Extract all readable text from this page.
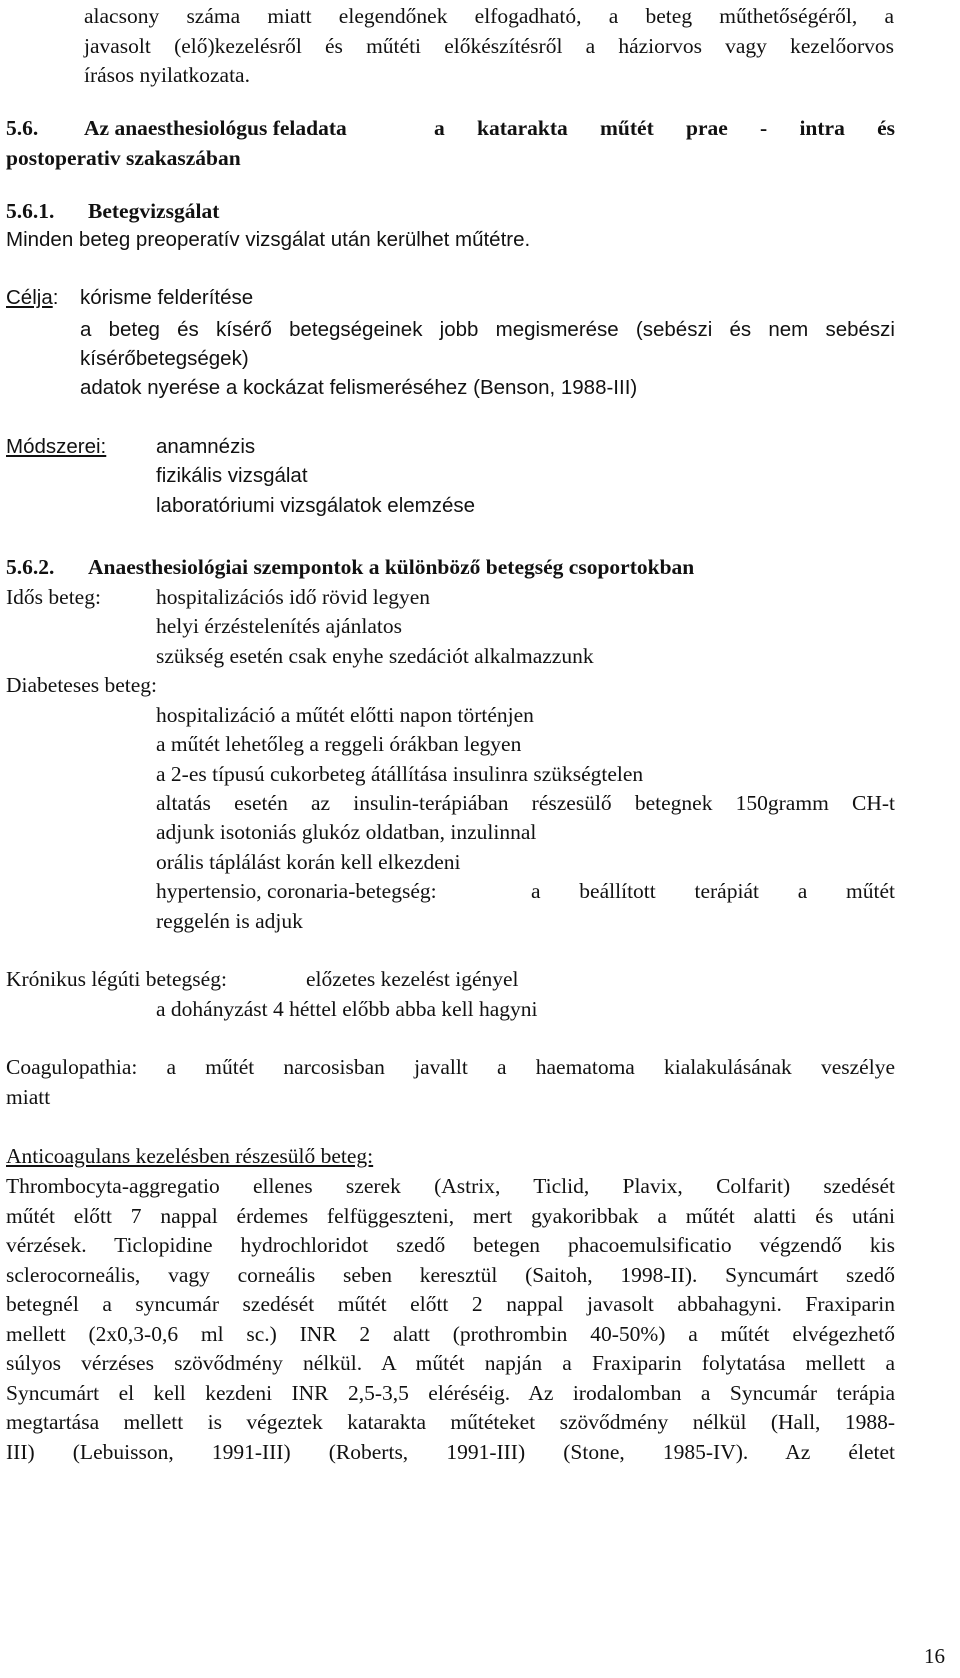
alacsony száma miatt elegendőnek elfogadható, a beteg műthetőségéről, a
javasolt (elő)kezelésről és műtéti előkészítésről a háziorvos vagy kezelőorvos
írásos nyilatkozata.
5.6. Az anaesthesiológus feladata	a katarakta műtét prae - intra és
postoperativ szakaszában
5.6.1. Betegvizsgálat
Minden beteg preoperatív vizsgálat után kerülhet műtétre.
Célja: kórisme felderítése
a beteg és kísérő betegségeinek jobb megismerése (sebészi és nem sebészi
kísérőbetegségek)
adatok nyerése a kockázat felismeréséhez (Benson, 1988-III)
Módszerei: anamnézis
fizikális vizsgálat
laboratóriumi vizsgálatok elemzése
5.6.2. Anaesthesiológiai szempontok a különböző betegség csoportokban
Idős beteg:	hospitalizációs idő rövid legyen
helyi érzéstelenítés ajánlatos
szükség esetén csak enyhe szedációt alkalmazzunk
Diabeteses beteg:
hospitalizáció a műtét előtti napon történjen
a műtét lehetőleg a reggeli órákban legyen
a 2-es típusú cukorbeteg átállítása insulinra szükségtelen
altatás esetén az insulin-terápiában részesülő betegnek 150gramm CH-t
adjunk isotoniás glukóz oldatban, inzulinnal
orális táplálást korán kell elkezdeni
hypertensio, coronaria-betegség:	a beállított terápiát a műtét
reggelén is adjuk
Krónikus légúti betegség:	előzetes kezelést igényel
a dohányzást 4 héttel előbb abba kell hagyni
Coagulopathia: a műtét narcosisban javallt a haematoma kialakulásának veszélye
miatt
Anticoagulans kezelésben részesülő beteg:
Thrombocyta-aggregatio ellenes szerek (Astrix, Ticlid, Plavix, Colfarit) szedését
műtét előtt 7 nappal érdemes felfüggeszteni, mert gyakoribbak a műtét alatti és utáni
vérzések. Ticlopidine hydrochloridot szedő betegen phacoemulsificatio végzendő kis
sclerocorneális, vagy corneális seben keresztül (Saitoh, 1998-II). Syncumárt szedő
betegnél a syncumár szedését műtét előtt 2 nappal javasolt abbahagyni. Fraxiparin
mellett (2x0,3-0,6 ml sc.) INR 2 alatt (prothrombin 40-50%) a műtét elvégezhető
súlyos vérzéses szövődmény nélkül. A műtét napján a Fraxiparin folytatása mellett a
Syncumárt el kell kezdeni INR 2,5-3,5 eléréséig. Az irodalomban a Syncumár terápia
megtartása mellett is végeztek katarakta műtéteket szövődmény nélkül (Hall, 1988-
III) (Lebuisson, 1991-III) (Roberts, 1991-III) (Stone, 1985-IV). Az életet
16
